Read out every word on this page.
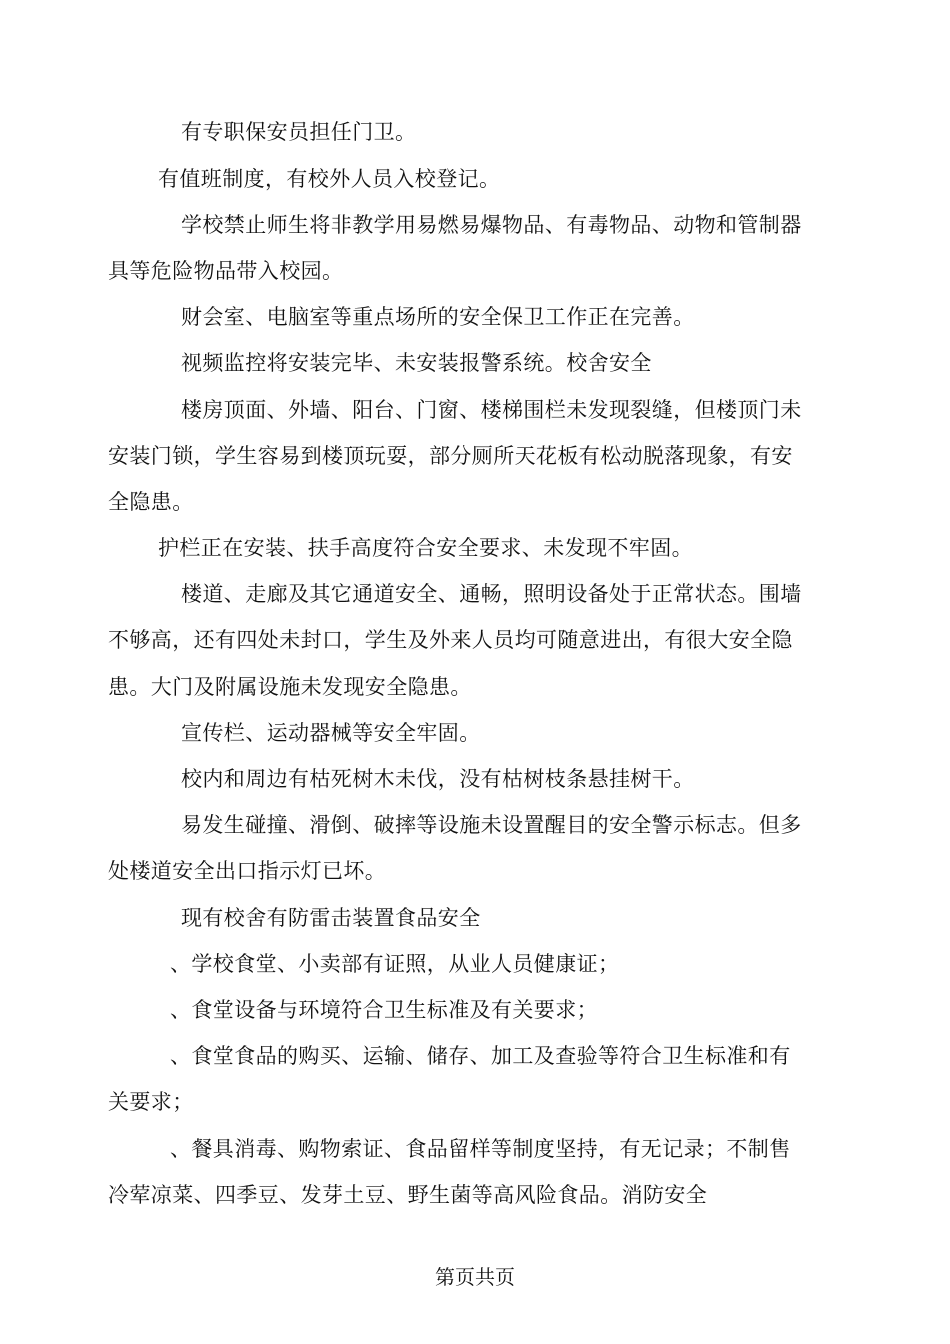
有专职保安员担任门卫。
有值班制度，有校外人员入校登记。
学校禁止师生将非教学用易燃易爆物品、有毒物品、动物和管制器
具等危险物品带入校园。
财会室、电脑室等重点场所的安全保卫工作正在完善。
视频监控将安装完毕、未安装报警系统。校舍安全
楼房顶面、外墙、阳台、门窗、楼梯围栏未发现裂缝，但楼顶门未
安装门锁，学生容易到楼顶玩耍，部分厕所天花板有松动脱落现象，有安
全隐患。
护栏正在安装、扶手高度符合安全要求、未发现不牢固。
楼道、走廊及其它通道安全、通畅，照明设备处于正常状态。围墙
不够高，还有四处未封口，学生及外来人员均可随意进出，有很大安全隐
患。大门及附属设施未发现安全隐患。
宣传栏、运动器械等安全牢固。
校内和周边有枯死树木未伐，没有枯树枝条悬挂树干。
易发生碰撞、滑倒、破摔等设施未设置醒目的安全警示标志。但多
处楼道安全出口指示灯已坏。
现有校舍有防雷击装置食品安全
、学校食堂、小卖部有证照，从业人员健康证；
、食堂设备与环境符合卫生标准及有关要求；
、食堂食品的购买、运输、储存、加工及查验等符合卫生标准和有
关要求；
、餐具消毒、购物索证、食品留样等制度坚持，有无记录；不制售
冷荤凉菜、四季豆、发芽土豆、野生菌等高风险食品。消防安全
第页共页
